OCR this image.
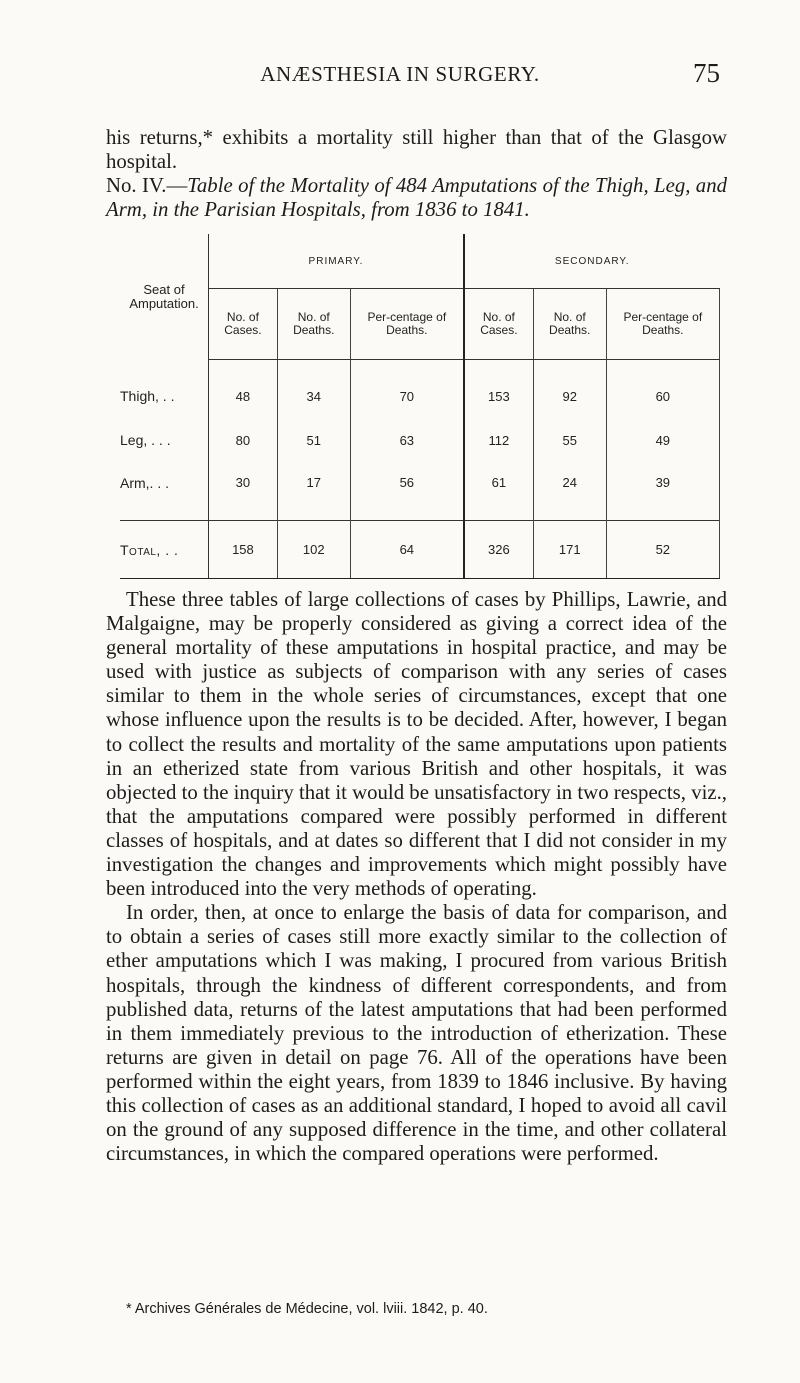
ANÆSTHESIA IN SURGERY.	75

his returns,* exhibits a mortality still higher than that of the Glasgow hospital.

No. IV.—Table of the Mortality of 484 Amputations of the Thigh, Leg, and Arm, in the Parisian Hospitals, from 1836 to 1841.

Seat of Amputation.	PRIMARY.			SECONDARY.		
	No. of Cases.	No. of Deaths.	Per-centage of Deaths.	No. of Cases.	No. of Deaths.	Per-centage of Deaths.
Thigh, . .	48	34	70	153	92	60
Leg, . . .	80	51	63	112	55	49
Arm,. . .	30	17	56	61	24	39

Total, . .	158	102	64	326	171	52

These three tables of large collections of cases by Phillips, Lawrie, and Malgaigne, may be properly considered as giving a correct idea of the general mortality of these amputations in hospital practice, and may be used with justice as subjects of comparison with any series of cases similar to them in the whole series of circumstances, except that one whose influence upon the results is to be decided. After, however, I began to collect the results and mortality of the same amputations upon patients in an etherized state from various British and other hospitals, it was objected to the inquiry that it would be unsatisfactory in two respects, viz., that the amputations compared were possibly performed in different classes of hospitals, and at dates so different that I did not consider in my investigation the changes and improvements which might possibly have been introduced into the very methods of operating.

In order, then, at once to enlarge the basis of data for comparison, and to obtain a series of cases still more exactly similar to the collection of ether amputations which I was making, I procured from various British hospitals, through the kindness of different correspondents, and from published data, returns of the latest amputations that had been performed in them immediately previous to the introduction of etherization. These returns are given in detail on page 76. All of the operations have been performed within the eight years, from 1839 to 1846 inclusive. By having this collection of cases as an additional standard, I hoped to avoid all cavil on the ground of any supposed difference in the time, and other collateral circumstances, in which the compared operations were performed.

* Archives Générales de Médecine, vol. lviii. 1842, p. 40.
